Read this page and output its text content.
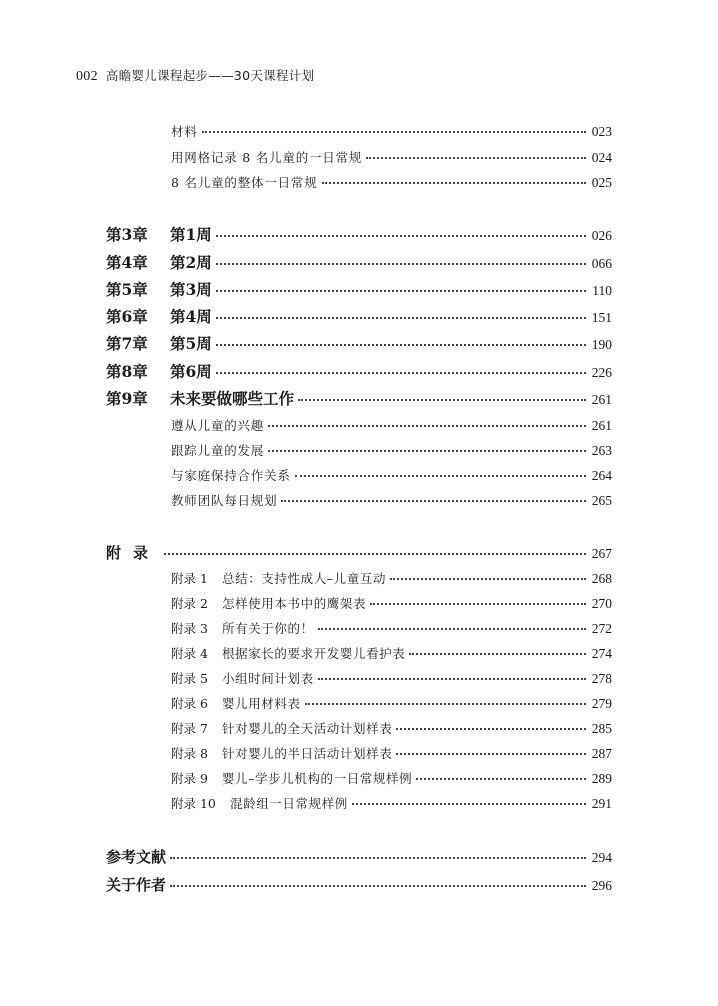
002 高瞻婴儿课程起步——30天课程计划
材料	023
用网格记录 8 名儿童的一日常规	024
8 名儿童的整体一日常规	025
第3章 第1周	026
第4章 第2周	066
第5章 第3周	110
第6章 第4周	151
第7章 第5周	190
第8章 第6周	226
第9章 未来要做哪些工作	261
遵从儿童的兴趣	261
跟踪儿童的发展	263
与家庭保持合作关系	264
教师团队每日规划	265
附录	267
附录 1 总结：支持性成人–儿童互动	268
附录 2 怎样使用本书中的鹰架表	270
附录 3 所有关于你的！	272
附录 4 根据家长的要求开发婴儿看护表	274
附录 5 小组时间计划表	278
附录 6 婴儿用材料表	279
附录 7 针对婴儿的全天活动计划样表	285
附录 8 针对婴儿的半日活动计划样表	287
附录 9 婴儿–学步儿机构的一日常规样例	289
附录 10 混龄组一日常规样例	291
参考文献	294
关于作者	296
